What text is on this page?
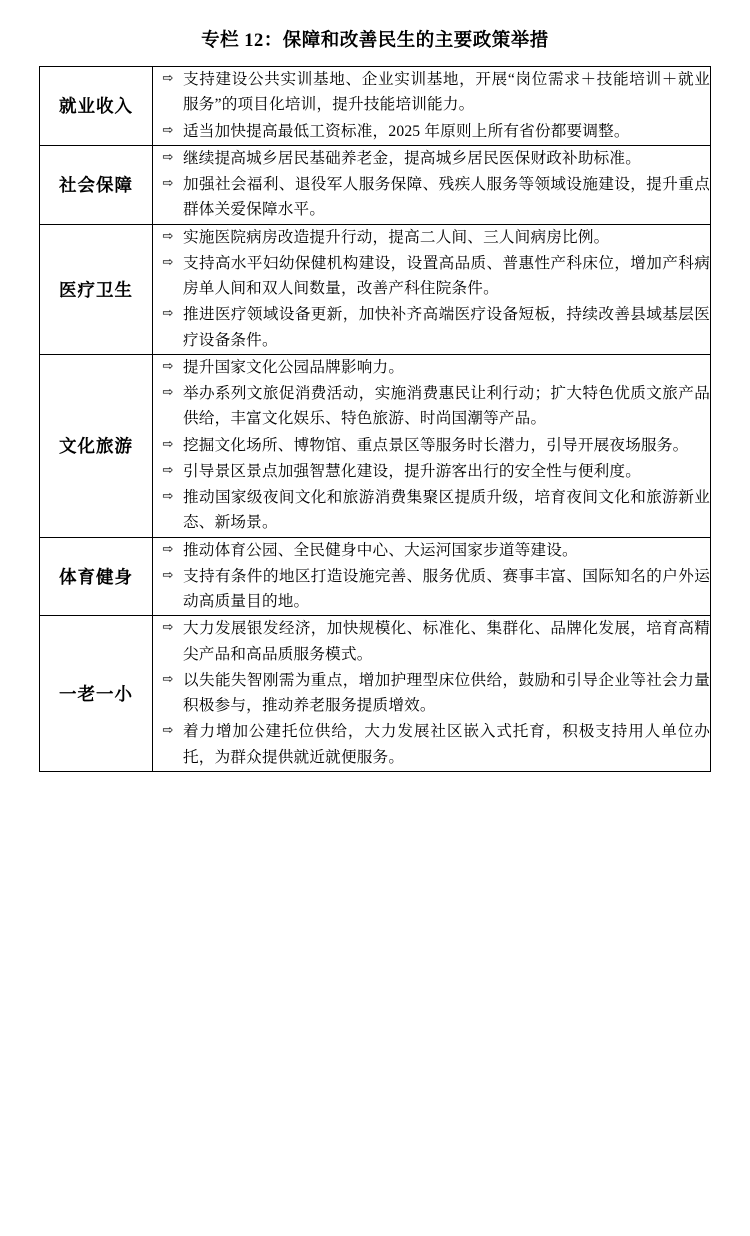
专栏 12：保障和改善民生的主要政策举措
就业收入	
⇨ 支持建设公共实训基地、企业实训基地，开展“岗位需求＋技能培训＋就业服务”的项目化培训，提升技能培训能力。
⇨ 适当加快提高最低工资标准，2025 年原则上所有省份都要调整。

社会保障	
⇨ 继续提高城乡居民基础养老金，提高城乡居民医保财政补助标准。
⇨ 加强社会福利、退役军人服务保障、残疾人服务等领域设施建设，提升重点群体关爱保障水平。

医疗卫生	
⇨ 实施医院病房改造提升行动，提高二人间、三人间病房比例。
⇨ 支持高水平妇幼保健机构建设，设置高品质、普惠性产科床位，增加产科病房单人间和双人间数量，改善产科住院条件。
⇨ 推进医疗领域设备更新，加快补齐高端医疗设备短板，持续改善县域基层医疗设备条件。

文化旅游	
⇨ 提升国家文化公园品牌影响力。
⇨ 举办系列文旅促消费活动，实施消费惠民让利行动；扩大特色优质文旅产品供给，丰富文化娱乐、特色旅游、时尚国潮等产品。
⇨ 挖掘文化场所、博物馆、重点景区等服务时长潜力，引导开展夜场服务。
⇨ 引导景区景点加强智慧化建设，提升游客出行的安全性与便利度。
⇨ 推动国家级夜间文化和旅游消费集聚区提质升级，培育夜间文化和旅游新业态、新场景。

体育健身	
⇨ 推动体育公园、全民健身中心、大运河国家步道等建设。
⇨ 支持有条件的地区打造设施完善、服务优质、赛事丰富、国际知名的户外运动高质量目的地。

一老一小	
⇨ 大力发展银发经济，加快规模化、标准化、集群化、品牌化发展，培育高精尖产品和高品质服务模式。
⇨ 以失能失智刚需为重点，增加护理型床位供给，鼓励和引导企业等社会力量积极参与，推动养老服务提质增效。
⇨ 着力增加公建托位供给，大力发展社区嵌入式托育，积极支持用人单位办托，为群众提供就近就便服务。
